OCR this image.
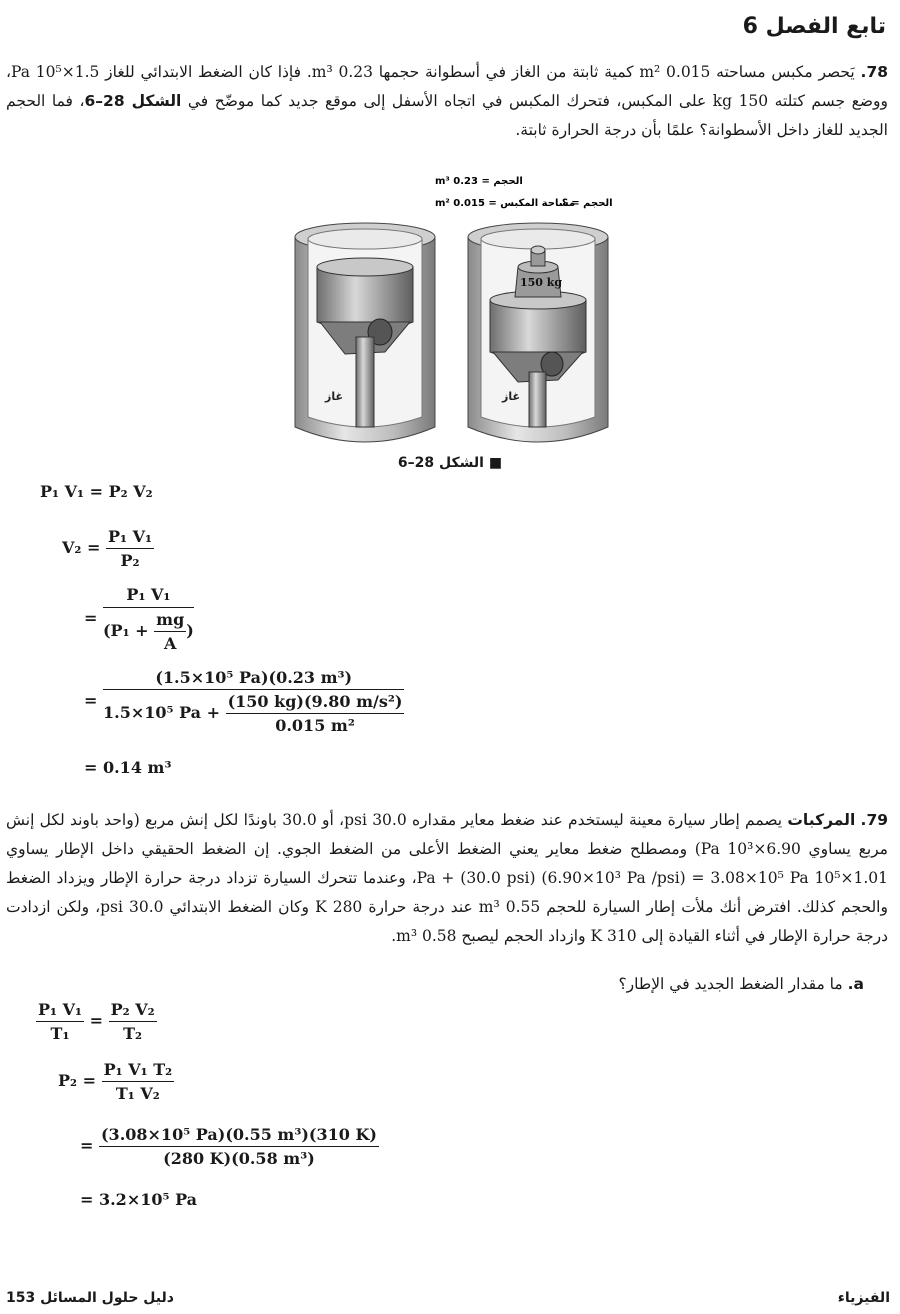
تابع الفصل 6
78. يَحصر مكبس مساحته 0.015 m² كمية ثابتة من الغاز في أسطوانة حجمها 0.23 m³. فإذا كان الضغط الابتدائي للغاز 1.5×10⁵ Pa، ووضع جسم كتلته 150 kg على المكبس، فتحرك المكبس في اتجاه الأسفل إلى موقع جديد كما موضّح في الشكل 28–6، فما الحجم الجديد للغاز داخل الأسطوانة؟ علمًا بأن درجة الحرارة ثابتة.
غاز
150 kg
غاز
الحجم = 0.23 m³
مساحة المكبس = 0.015 m²
الحجم = ؟
■ الشكل 28–6
P₁ V₁ = P₂ V₂
$V_2 = \frac{\text{P₁ V₁}}{\text{P₂}}$
= $\frac{\text{P₁ V₁}}{(P_1 + \frac{mg}{A} )}$
=
(1.5×10⁵ Pa)(0.23 m³)
1.5×10⁵ $Pa + \frac{\text{(150 kg)(9.80 m/s²)}}{\text{0.015 m²}}$
= 0.14 m³
79. المركبات يصمم إطار سيارة معينة ليستخدم عند ضغط معاير مقداره 30.0 psi، أو 30.0 باوندًا لكل إنش مربع (واحد باوند لكل إنش مربع يساوي 6.90×10³ Pa) ومصطلح ضغط معاير يعني الضغط الأعلى من الضغط الجوي. إن الضغط الحقيقي داخل الإطار يساوي 1.01×10⁵ Pa + (30.0 psi) (6.90×10³ Pa /psi) = 3.08×10⁵ Pa، وعندما تتحرك السيارة تزداد درجة حرارة الإطار ويزداد الضغط والحجم كذلك. افترض أنك ملأت إطار السيارة للحجم 0.55 m³ عند درجة حرارة 280 K وكان الضغط الابتدائي 30.0 psi، ولكن ازدادت درجة حرارة الإطار في أثناء القيادة إلى 310 K وازداد الحجم ليصبح 0.58 m³.
a. ما مقدار الضغط الجديد في الإطار؟
$\frac{\text{P₁ V₁}}{\text{T₁}} = \frac{\text{P₂ V₂}}{\text{T₂}}$
$P_2 = \frac{\text{P₁ V₁ T₂}}{\text{T₁ V₂}}$
= $\frac{\text{(3.08×10⁵ Pa)(0.55 m³)(310 K)}}{\text{(280 K)(0.58 m³)}}$
= 3.2×10⁵ Pa
دليل حلول المسائل 153	الفيزياء
